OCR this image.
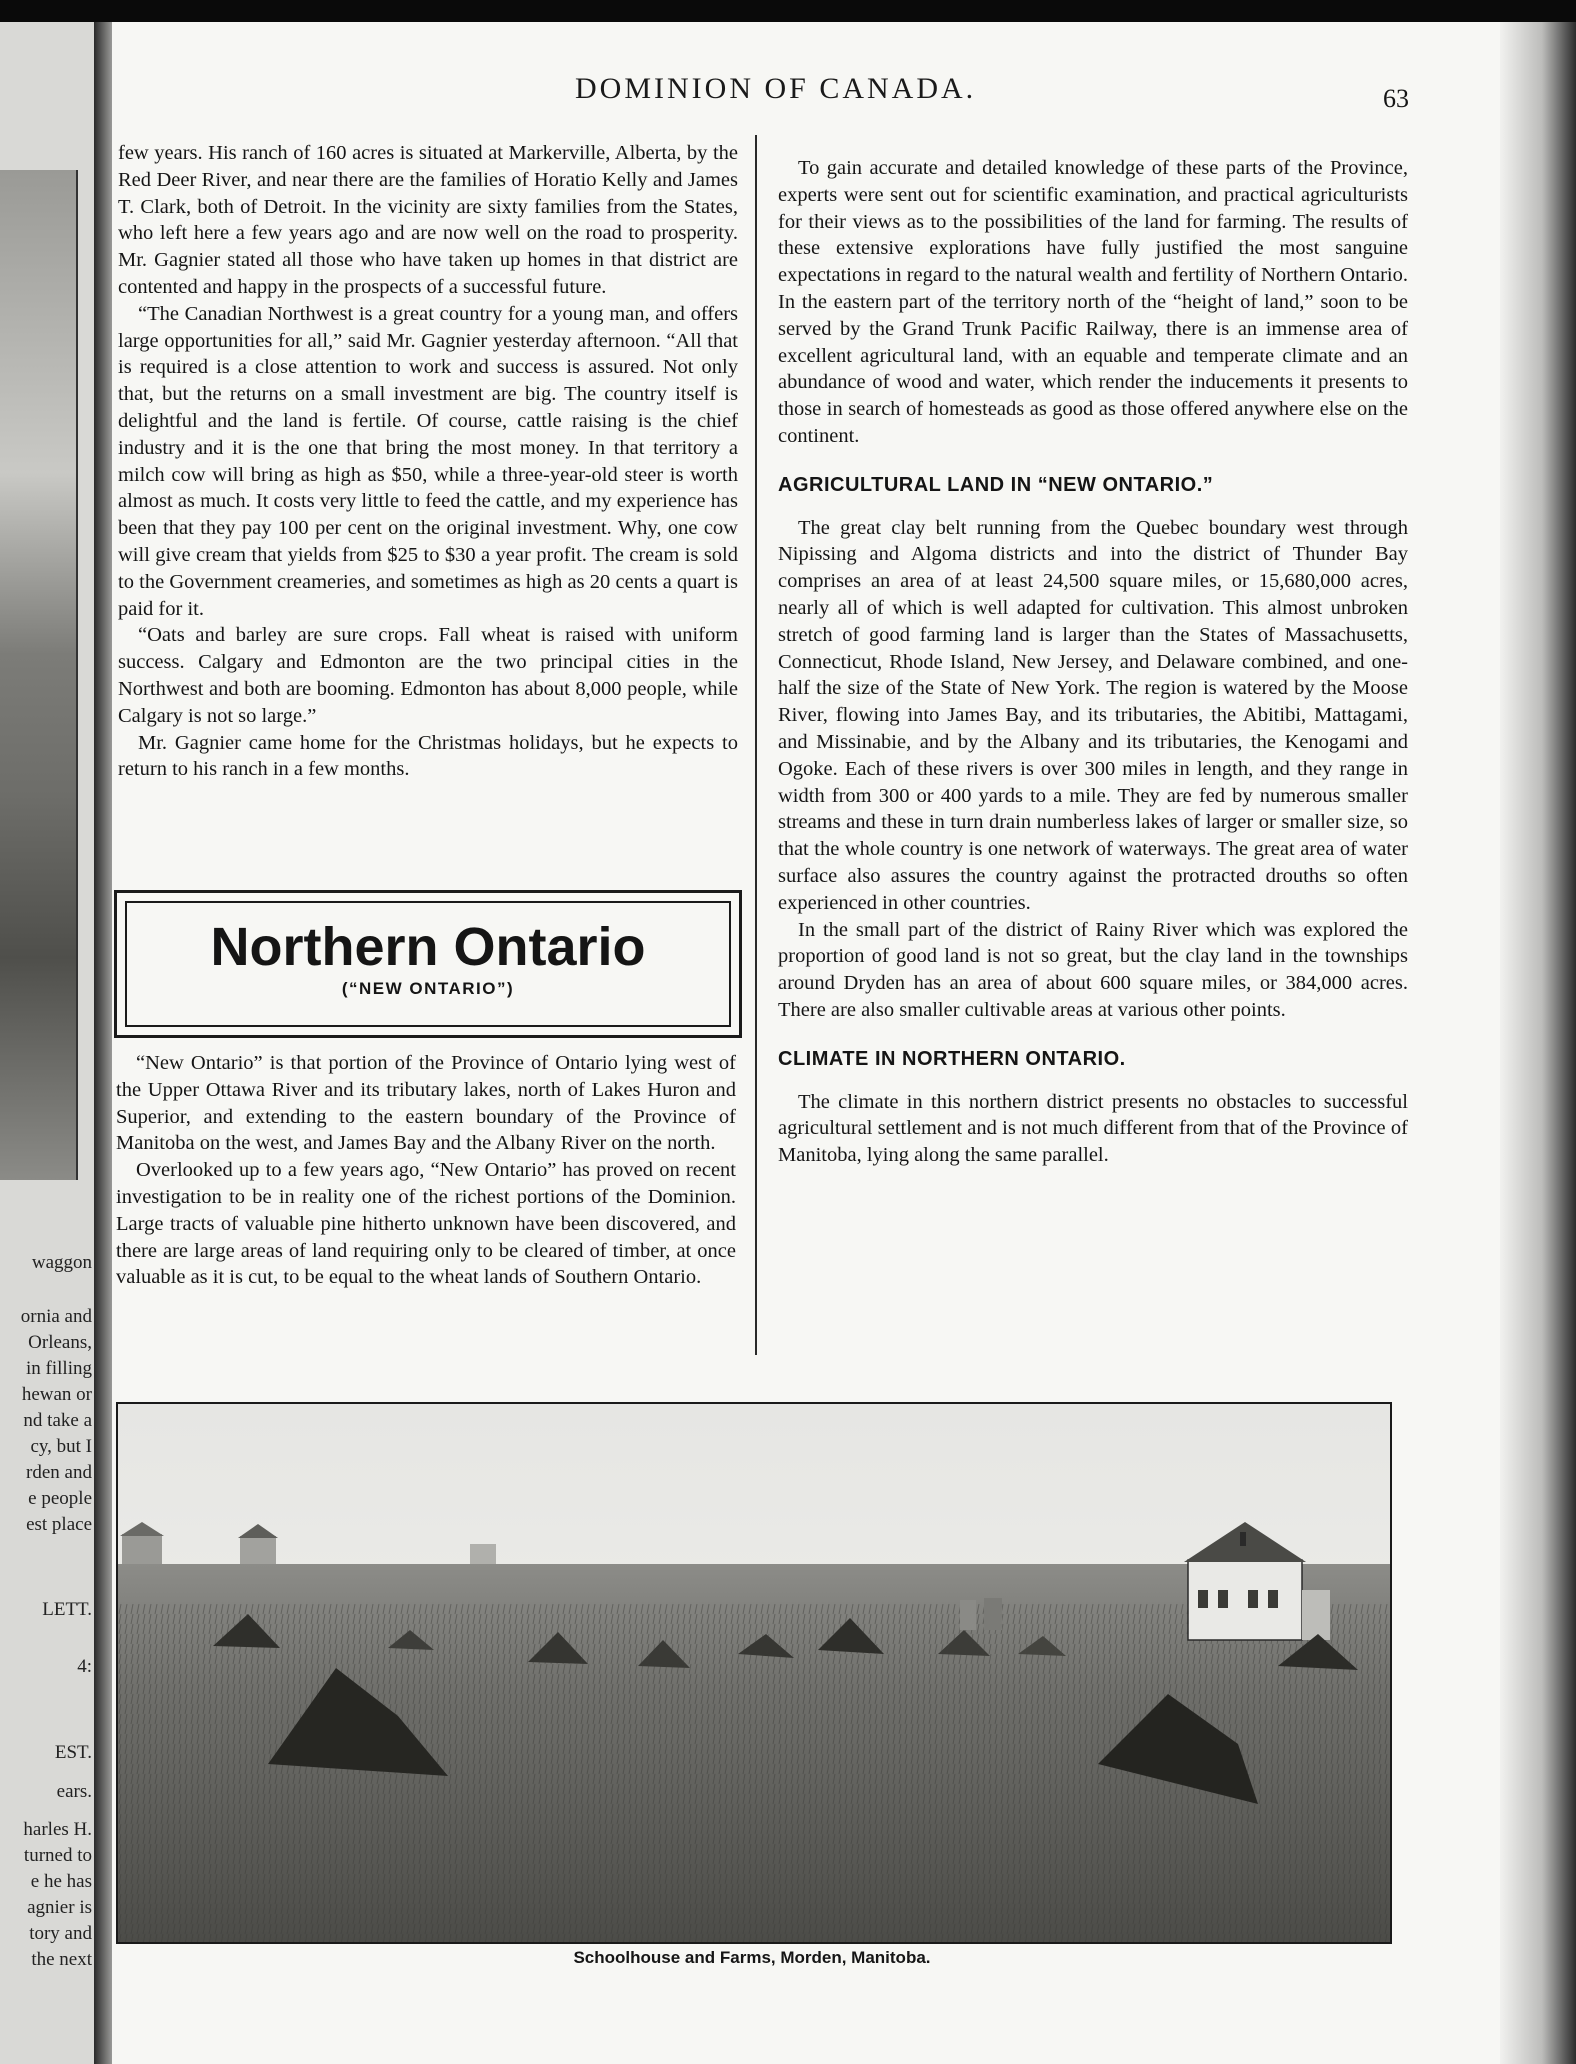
waggon
ornia and
Orleans,
in filling
hewan or
nd take a
cy, but I
rden and
e people
est place
LETT.
4:
EST.
ears.
harles H.
turned to
e he has
agnier is
tory and
the next
DOMINION OF CANADA.	63

few years. His ranch of 160 acres is situated at Markerville, Alberta, by the Red Deer River, and near there are the families of Horatio Kelly and James T. Clark, both of Detroit. In the vicinity are sixty families from the States, who left here a few years ago and are now well on the road to prosperity. Mr. Gagnier stated all those who have taken up homes in that district are contented and happy in the prospects of a successful future.

“The Canadian Northwest is a great country for a young man, and offers large opportunities for all,” said Mr. Gagnier yesterday afternoon. “All that is required is a close attention to work and success is assured. Not only that, but the returns on a small investment are big. The country itself is delightful and the land is fertile. Of course, cattle raising is the chief industry and it is the one that bring the most money. In that territory a milch cow will bring as high as $50, while a three-year-old steer is worth almost as much. It costs very little to feed the cattle, and my experience has been that they pay 100 per cent on the original investment. Why, one cow will give cream that yields from $25 to $30 a year profit. The cream is sold to the Government creameries, and sometimes as high as 20 cents a quart is paid for it.

“Oats and barley are sure crops. Fall wheat is raised with uniform success. Calgary and Edmonton are the two principal cities in the Northwest and both are booming. Edmonton has about 8,000 people, while Calgary is not so large.”

Mr. Gagnier came home for the Christmas holidays, but he expects to return to his ranch in a few months.

Northern Ontario
(“NEW ONTARIO”)

“New Ontario” is that portion of the Province of Ontario lying west of the Upper Ottawa River and its tributary lakes, north of Lakes Huron and Superior, and extending to the eastern boundary of the Province of Manitoba on the west, and James Bay and the Albany River on the north.

Overlooked up to a few years ago, “New Ontario” has proved on recent investigation to be in reality one of the richest portions of the Dominion. Large tracts of valuable pine hitherto unknown have been discovered, and there are large areas of land requiring only to be cleared of timber, at once valuable as it is cut, to be equal to the wheat lands of Southern Ontario.

To gain accurate and detailed knowledge of these parts of the Province, experts were sent out for scientific examination, and practical agriculturists for their views as to the possibilities of the land for farming. The results of these extensive explorations have fully justified the most sanguine expectations in regard to the natural wealth and fertility of Northern Ontario. In the eastern part of the territory north of the “height of land,” soon to be served by the Grand Trunk Pacific Railway, there is an immense area of excellent agricultural land, with an equable and temperate climate and an abundance of wood and water, which render the inducements it presents to those in search of homesteads as good as those offered anywhere else on the continent.

AGRICULTURAL LAND IN “NEW ONTARIO.”

The great clay belt running from the Quebec boundary west through Nipissing and Algoma districts and into the district of Thunder Bay comprises an area of at least 24,500 square miles, or 15,680,000 acres, nearly all of which is well adapted for cultivation. This almost unbroken stretch of good farming land is larger than the States of Massachusetts, Connecticut, Rhode Island, New Jersey, and Delaware combined, and one-half the size of the State of New York. The region is watered by the Moose River, flowing into James Bay, and its tributaries, the Abitibi, Mattagami, and Missinabie, and by the Albany and its tributaries, the Kenogami and Ogoke. Each of these rivers is over 300 miles in length, and they range in width from 300 or 400 yards to a mile. They are fed by numerous smaller streams and these in turn drain numberless lakes of larger or smaller size, so that the whole country is one network of waterways. The great area of water surface also assures the country against the protracted drouths so often experienced in other countries.

In the small part of the district of Rainy River which was explored the proportion of good land is not so great, but the clay land in the townships around Dryden has an area of about 600 square miles, or 384,000 acres. There are also smaller cultivable areas at various other points.

CLIMATE IN NORTHERN ONTARIO.

The climate in this northern district presents no obstacles to successful agricultural settlement and is not much different from that of the Province of Manitoba, lying along the same parallel.

Schoolhouse and Farms, Morden, Manitoba.
